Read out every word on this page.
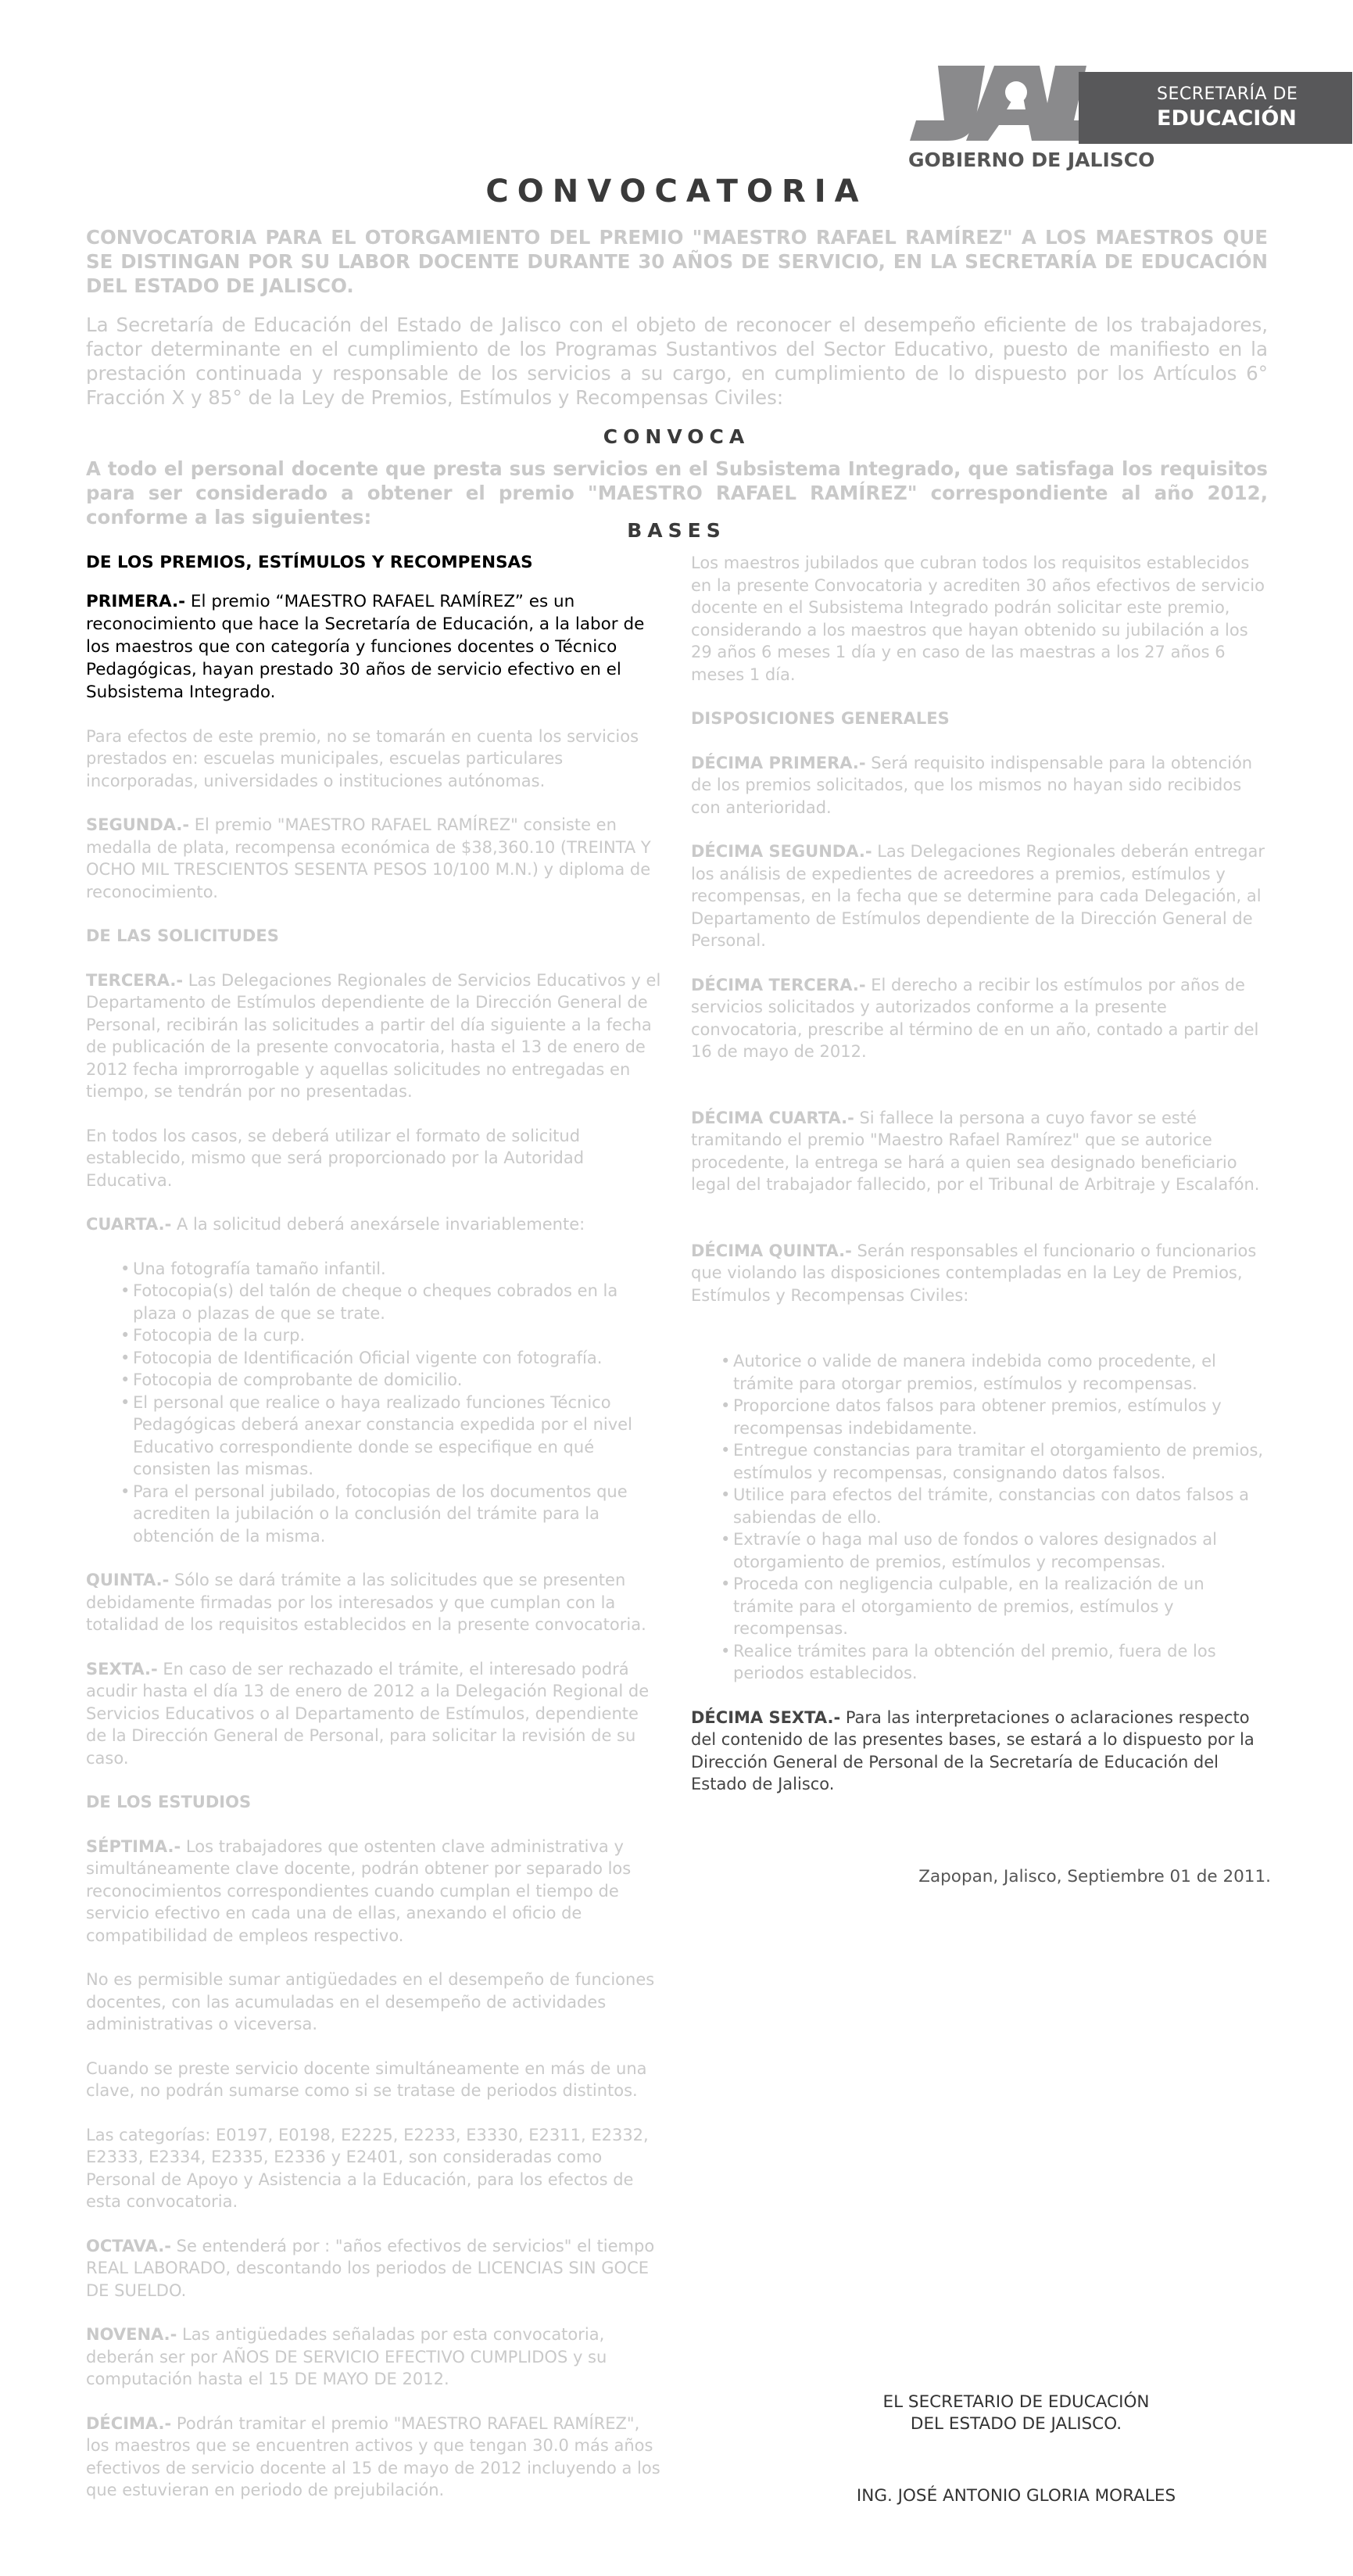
SECRETARÍA DE
EDUCACIÓN
GOBIERNO DE JALISCO
CONVOCATORIA
CONVOCATORIA PARA EL OTORGAMIENTO DEL PREMIO "MAESTRO RAFAEL RAMÍREZ" A LOS MAESTROS QUE SE DISTINGAN POR SU LABOR DOCENTE DURANTE 30 AÑOS DE SERVICIO, EN LA SECRETARÍA DE EDUCACIÓN DEL ESTADO DE JALISCO.
La Secretaría de Educación del Estado de Jalisco con el objeto de reconocer el desempeño eficiente de los trabajadores, factor determinante en el cumplimiento de los Programas Sustantivos del Sector Educativo, puesto de manifiesto en la prestación continuada y responsable de los servicios a su cargo, en cumplimiento de lo dispuesto por los Artículos 6° Fracción X y 85° de la Ley de Premios, Estímulos y Recompensas Civiles:
CONVOCA
A todo el personal docente que presta sus servicios en el Subsistema Integrado, que satisfaga los requisitos para ser considerado a obtener el premio "MAESTRO RAFAEL RAMÍREZ" correspondiente al año 2012, conforme a las siguientes:
BASES
DE LOS PREMIOS, ESTÍMULOS Y RECOMPENSAS

PRIMERA.- El premio “MAESTRO RAFAEL RAMÍREZ” es un reconocimiento que hace la Secretaría de Educación, a la labor de los maestros que con categoría y funciones docentes o Técnico Pedagógicas, hayan prestado 30 años de servicio efectivo en el Subsistema Integrado.

Para efectos de este premio, no se tomarán en cuenta los servicios prestados en: escuelas municipales, escuelas particulares incorporadas, universidades o instituciones autónomas.

SEGUNDA.- El premio "MAESTRO RAFAEL RAMÍREZ" consiste en medalla de plata, recompensa económica de $38,360.10 (TREINTA Y OCHO MIL TRESCIENTOS SESENTA PESOS 10/100 M.N.) y diploma de reconocimiento.

DE LAS SOLICITUDES

TERCERA.- Las Delegaciones Regionales de Servicios Educativos y el Departamento de Estímulos dependiente de la Dirección General de Personal, recibirán las solicitudes a partir del día siguiente a la fecha de publicación de la presente convocatoria, hasta el 13 de enero de 2012 fecha improrrogable y aquellas solicitudes no entregadas en tiempo, se tendrán por no presentadas.

En todos los casos, se deberá utilizar el formato de solicitud establecido, mismo que será proporcionado por la Autoridad Educativa.

CUARTA.- A la solicitud deberá anexársele invariablemente:

• Una fotografía tamaño infantil.
• Fotocopia(s) del talón de cheque o cheques cobrados en la plaza o plazas de que se trate.
• Fotocopia de la curp.
• Fotocopia de Identificación Oficial vigente con fotografía.
• Fotocopia de comprobante de domicilio.
• El personal que realice o haya realizado funciones Técnico Pedagógicas deberá anexar constancia expedida por el nivel Educativo correspondiente donde se especifique en qué consisten las mismas.
• Para el personal jubilado, fotocopias de los documentos que acrediten la jubilación o la conclusión del trámite para la obtención de la misma.

QUINTA.- Sólo se dará trámite a las solicitudes que se presenten debidamente firmadas por los interesados y que cumplan con la totalidad de los requisitos establecidos en la presente convocatoria.

SEXTA.- En caso de ser rechazado el trámite, el interesado podrá acudir hasta el día 13 de enero de 2012 a la Delegación Regional de Servicios Educativos o al Departamento de Estímulos, dependiente de la Dirección General de Personal, para solicitar la revisión de su caso.

DE LOS ESTUDIOS

SÉPTIMA.- Los trabajadores que ostenten clave administrativa y simultáneamente clave docente, podrán obtener por separado los reconocimientos correspondientes cuando cumplan el tiempo de servicio efectivo en cada una de ellas, anexando el oficio de compatibilidad de empleos respectivo.

No es permisible sumar antigüedades en el desempeño de funciones docentes, con las acumuladas en el desempeño de actividades administrativas o viceversa.

Cuando se preste servicio docente simultáneamente en más de una clave, no podrán sumarse como si se tratase de periodos distintos.

Las categorías: E0197, E0198, E2225, E2233, E3330, E2311, E2332, E2333, E2334, E2335, E2336 y E2401, son consideradas como Personal de Apoyo y Asistencia a la Educación, para los efectos de esta convocatoria.

OCTAVA.- Se entenderá por : "años efectivos de servicios" el tiempo REAL LABORADO, descontando los periodos de LICENCIAS SIN GOCE DE SUELDO.

NOVENA.- Las antigüedades señaladas por esta convocatoria, deberán ser por AÑOS DE SERVICIO EFECTIVO CUMPLIDOS y su computación hasta el 15 DE MAYO DE 2012.

DÉCIMA.- Podrán tramitar el premio "MAESTRO RAFAEL RAMÍREZ", los maestros que se encuentren activos y que tengan 30.0 más años efectivos de servicio docente al 15 de mayo de 2012 incluyendo a los que estuvieran en periodo de prejubilación.

Los maestros jubilados que cubran todos los requisitos establecidos en la presente Convocatoria y acrediten 30 años efectivos de servicio docente en el Subsistema Integrado podrán solicitar este premio, considerando a los maestros que hayan obtenido su jubilación a los 29 años 6 meses 1 día y en caso de las maestras a los 27 años 6 meses 1 día.

DISPOSICIONES GENERALES

DÉCIMA PRIMERA.- Será requisito indispensable para la obtención de los premios solicitados, que los mismos no hayan sido recibidos con anterioridad.

DÉCIMA SEGUNDA.- Las Delegaciones Regionales deberán entregar los análisis de expedientes de acreedores a premios, estímulos y recompensas, en la fecha que se determine para cada Delegación, al Departamento de Estímulos dependiente de la Dirección General de Personal.

DÉCIMA TERCERA.- El derecho a recibir los estímulos por años de servicios solicitados y autorizados conforme a la presente convocatoria, prescribe al término de en un año, contado a partir del 16 de mayo de 2012.

DÉCIMA CUARTA.- Si fallece la persona a cuyo favor se esté tramitando el premio "Maestro Rafael Ramírez" que se autorice procedente, la entrega se hará a quien sea designado beneficiario legal del trabajador fallecido, por el Tribunal de Arbitraje y Escalafón.

DÉCIMA QUINTA.- Serán responsables el funcionario o funcionarios que violando las disposiciones contempladas en la Ley de Premios, Estímulos y Recompensas Civiles:

• Autorice o valide de manera indebida como procedente, el trámite para otorgar premios, estímulos y recompensas.
• Proporcione datos falsos para obtener premios, estímulos y recompensas indebidamente.
• Entregue constancias para tramitar el otorgamiento de premios, estímulos y recompensas, consignando datos falsos.
• Utilice para efectos del trámite, constancias con datos falsos a sabiendas de ello.
• Extravíe o haga mal uso de fondos o valores designados al otorgamiento de premios, estímulos y recompensas.
• Proceda con negligencia culpable, en la realización de un trámite para el otorgamiento de premios, estímulos y recompensas.
• Realice trámites para la obtención del premio, fuera de los periodos establecidos.

DÉCIMA SEXTA.- Para las interpretaciones o aclaraciones respecto del contenido de las presentes bases, se estará a lo dispuesto por la Dirección General de Personal de la Secretaría de Educación del Estado de Jalisco.

Zapopan, Jalisco, Septiembre 01 de 2011.
EL SECRETARIO DE EDUCACIÓN
DEL ESTADO DE JALISCO.
ING. JOSÉ ANTONIO GLORIA MORALES
